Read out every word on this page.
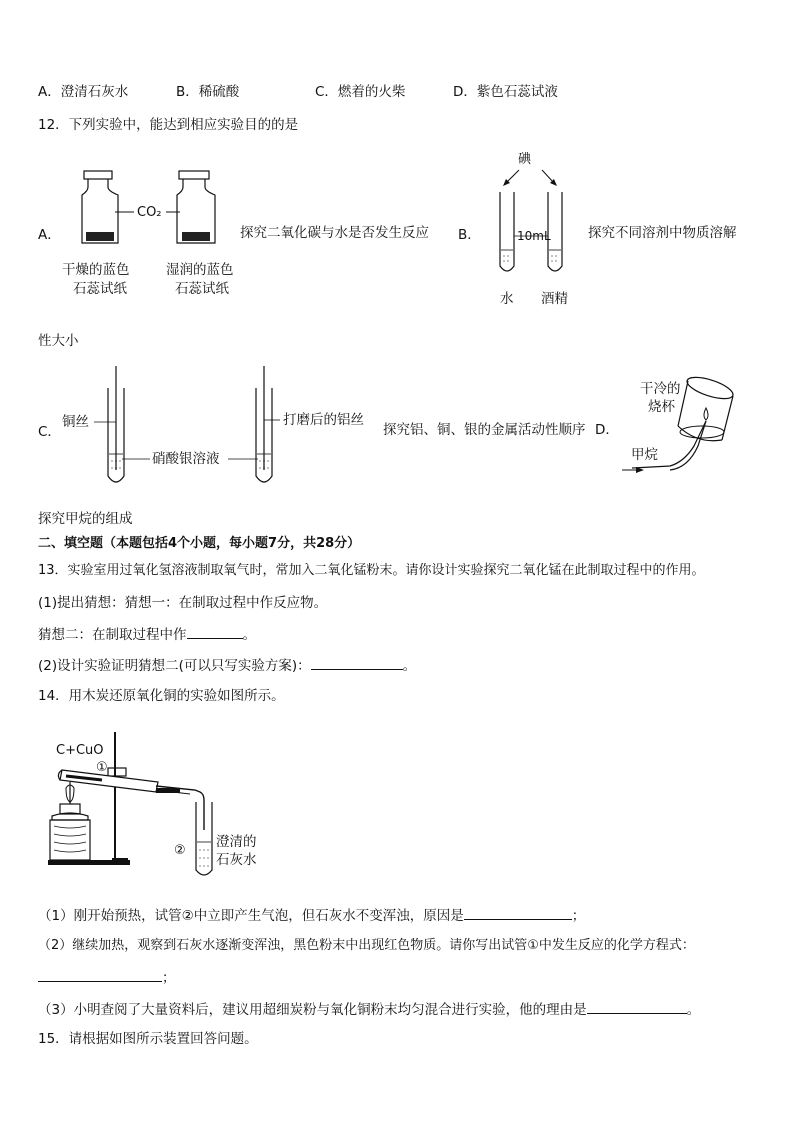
A．澄清石灰水	B．稀硫酸	C．燃着的火柴	D．紫色石蕊试液
12．下列实验中，能达到相应实验目的的是
A．
CO₂
干燥的蓝色
石蕊试纸
湿润的蓝色
石蕊试纸
探究二氧化碳与水是否发生反应 B．
碘
10mL
水 酒精
探究不同溶剂中物质溶解
性大小
C．
铜丝
硝酸银溶液
打磨后的铝丝
探究铝、铜、银的金属活动性顺序 D．
干冷的
烧杯
甲烷
探究甲烷的组成
二、填空题（本题包括4个小题，每小题7分，共28分）
13．实验室用过氧化氢溶液制取氧气时，常加入二氧化锰粉末。请你设计实验探究二氧化锰在此制取过程中的作用。
(1)提出猜想：猜想一：在制取过程中作反应物。
猜想二：在制取过程中作	。
(2)设计实验证明猜想二(可以只写实验方案)：	。
14．用木炭还原氧化铜的实验如图所示。
C+CuO
①
②
澄清的
石灰水
（1）刚开始预热，试管②中立即产生气泡，但石灰水不变浑浊，原因是	；
（2）继续加热，观察到石灰水逐渐变浑浊，黑色粉末中出现红色物质。请你写出试管①中发生反应的化学方程式：
；
（3）小明查阅了大量资料后，建议用超细炭粉与氧化铜粉末均匀混合进行实验，他的理由是	。
15．请根据如图所示装置回答问题。
